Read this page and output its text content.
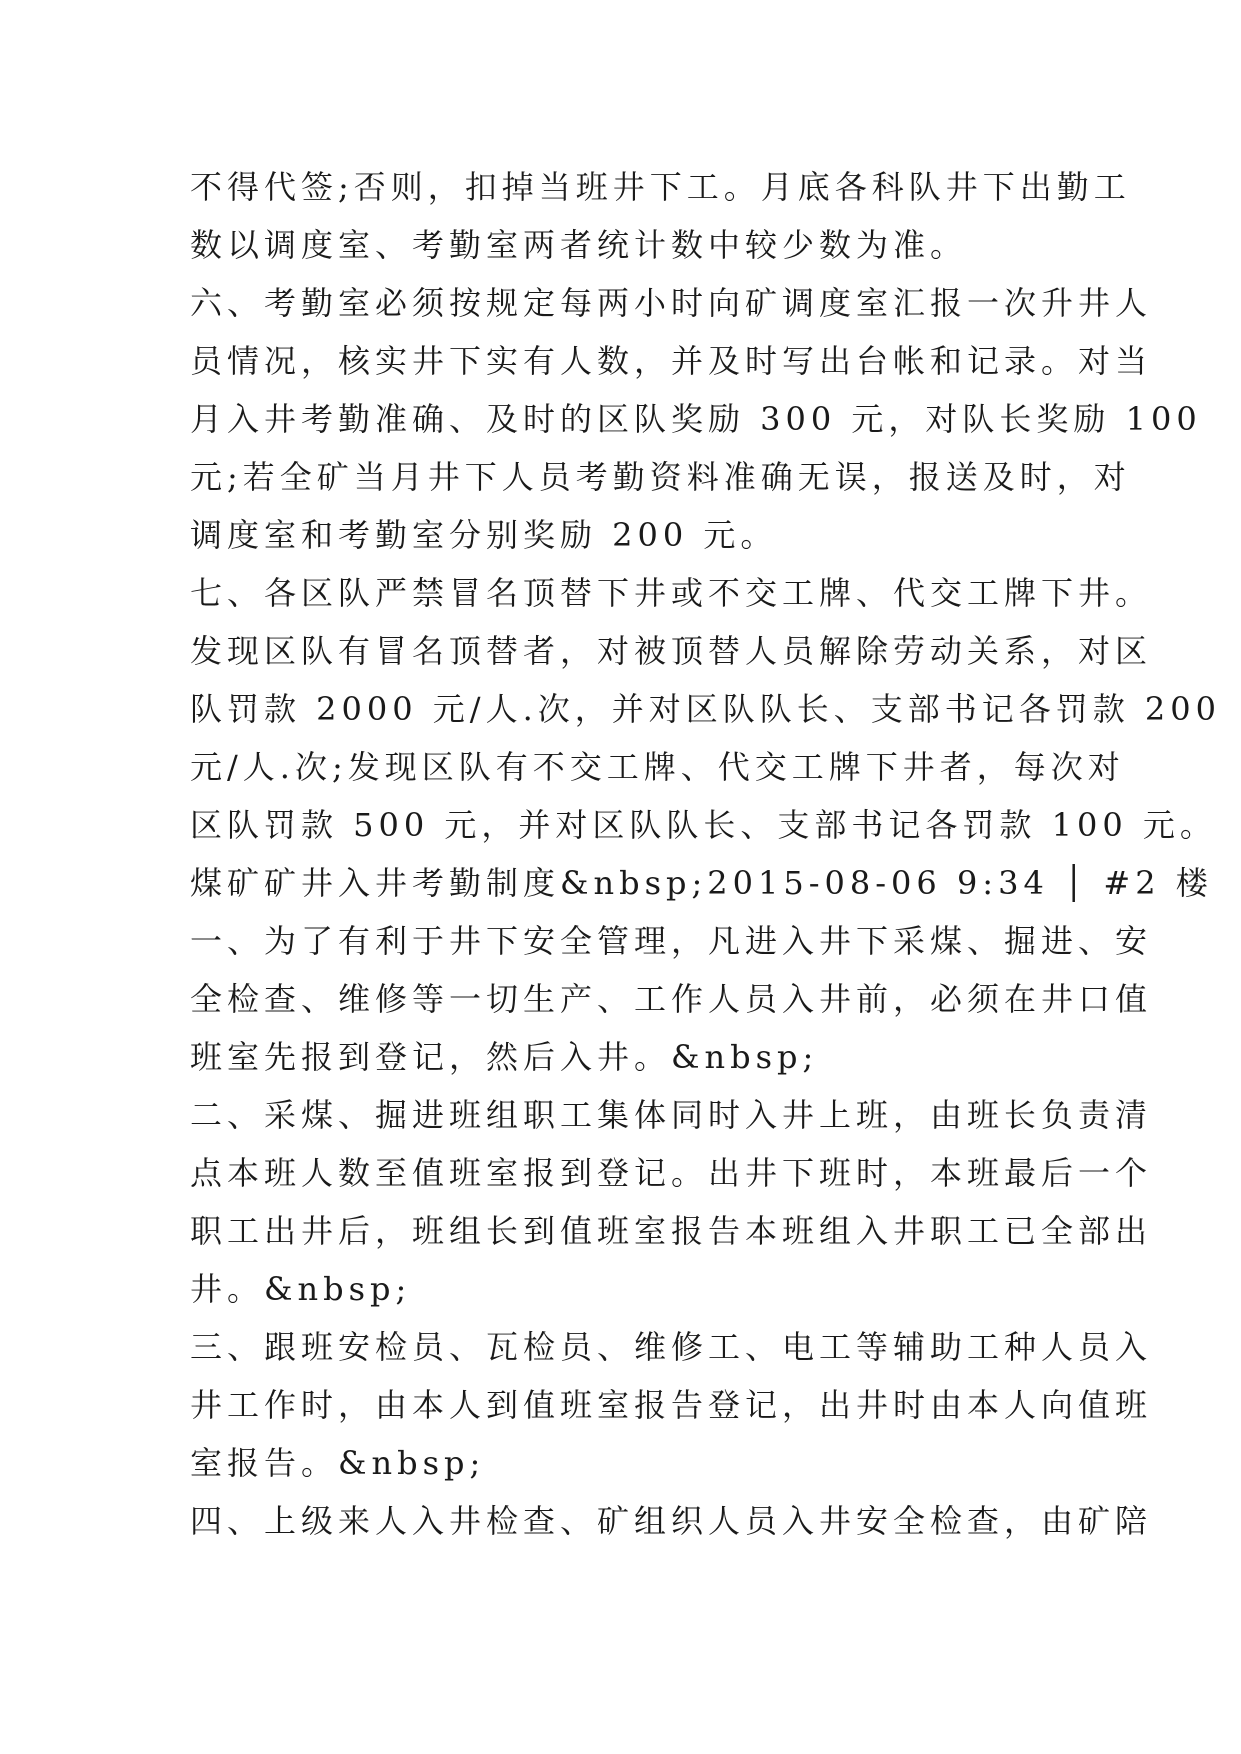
不得代签;否则，扣掉当班井下工。月底各科队井下出勤工
数以调度室、考勤室两者统计数中较少数为准。
六、考勤室必须按规定每两小时向矿调度室汇报一次升井人
员情况，核实井下实有人数，并及时写出台帐和记录。对当
月入井考勤准确、及时的区队奖励 300 元，对队长奖励 100
元;若全矿当月井下人员考勤资料准确无误，报送及时，对
调度室和考勤室分别奖励 200 元。
七、各区队严禁冒名顶替下井或不交工牌、代交工牌下井。
发现区队有冒名顶替者，对被顶替人员解除劳动关系，对区
队罚款 2000 元/人.次，并对区队队长、支部书记各罚款 200
元/人.次;发现区队有不交工牌、代交工牌下井者，每次对
区队罚款 500 元，并对区队队长、支部书记各罚款 100 元。
煤矿矿井入井考勤制度&nbsp;2015-08-06 9:34 │ #2 楼
一、为了有利于井下安全管理，凡进入井下采煤、掘进、安
全检查、维修等一切生产、工作人员入井前，必须在井口值
班室先报到登记，然后入井。&nbsp;
二、采煤、掘进班组职工集体同时入井上班，由班长负责清
点本班人数至值班室报到登记。出井下班时，本班最后一个
职工出井后，班组长到值班室报告本班组入井职工已全部出
井。&nbsp;
三、跟班安检员、瓦检员、维修工、电工等辅助工种人员入
井工作时，由本人到值班室报告登记，出井时由本人向值班
室报告。&nbsp;
四、上级来人入井检查、矿组织人员入井安全检查，由矿陪
